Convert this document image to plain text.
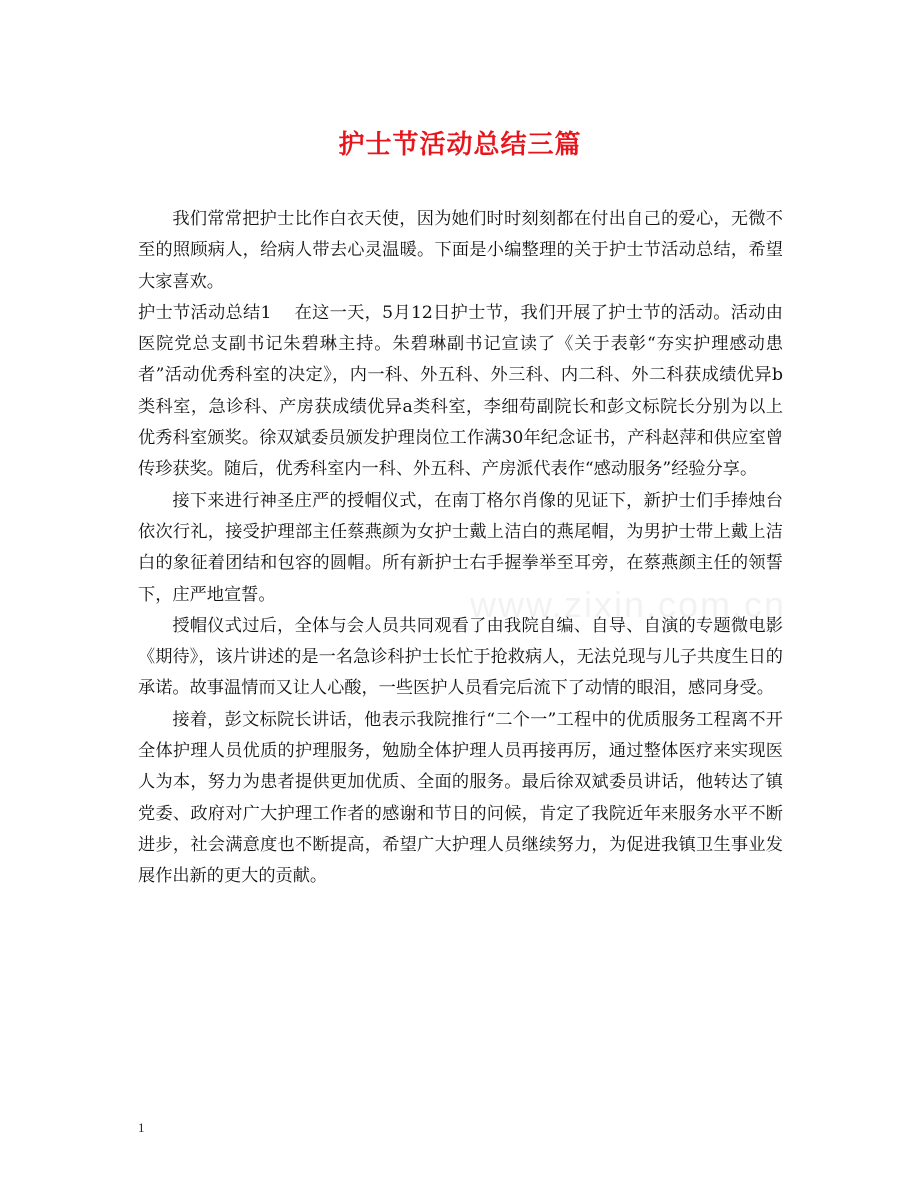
护士节活动总结三篇
www.zixin.com.cn

我们常常把护士比作白衣天使，因为她们时时刻刻都在付出自己的爱心，无微不至的照顾病人，给病人带去心灵温暖。下面是小编整理的关于护士节活动总结，希望大家喜欢。

护士节活动总结1 在这一天，5月12日护士节，我们开展了护士节的活动。活动由医院党总支副书记朱碧琳主持。朱碧琳副书记宣读了《关于表彰“夯实护理感动患者”活动优秀科室的决定》，内一科、外五科、外三科、内二科、外二科获成绩优异b类科室，急诊科、产房获成绩优异a类科室，李细苟副院长和彭文标院长分别为以上优秀科室颁奖。徐双斌委员颁发护理岗位工作满30年纪念证书，产科赵萍和供应室曾传珍获奖。随后，优秀科室内一科、外五科、产房派代表作“感动服务”经验分享。

接下来进行神圣庄严的授帽仪式，在南丁格尔肖像的见证下，新护士们手捧烛台依次行礼，接受护理部主任蔡燕颜为女护士戴上洁白的燕尾帽，为男护士带上戴上洁白的象征着团结和包容的圆帽。所有新护士右手握拳举至耳旁，在蔡燕颜主任的领誓下，庄严地宣誓。

授帽仪式过后，全体与会人员共同观看了由我院自编、自导、自演的专题微电影《期待》，该片讲述的是一名急诊科护士长忙于抢救病人，无法兑现与儿子共度生日的承诺。故事温情而又让人心酸，一些医护人员看完后流下了动情的眼泪，感同身受。

接着，彭文标院长讲话，他表示我院推行“二个一”工程中的优质服务工程离不开全体护理人员优质的护理服务，勉励全体护理人员再接再厉，通过整体医疗来实现医人为本，努力为患者提供更加优质、全面的服务。最后徐双斌委员讲话，他转达了镇党委、政府对广大护理工作者的感谢和节日的问候，肯定了我院近年来服务水平不断进步，社会满意度也不断提高，希望广大护理人员继续努力，为促进我镇卫生事业发展作出新的更大的贡献。

1
